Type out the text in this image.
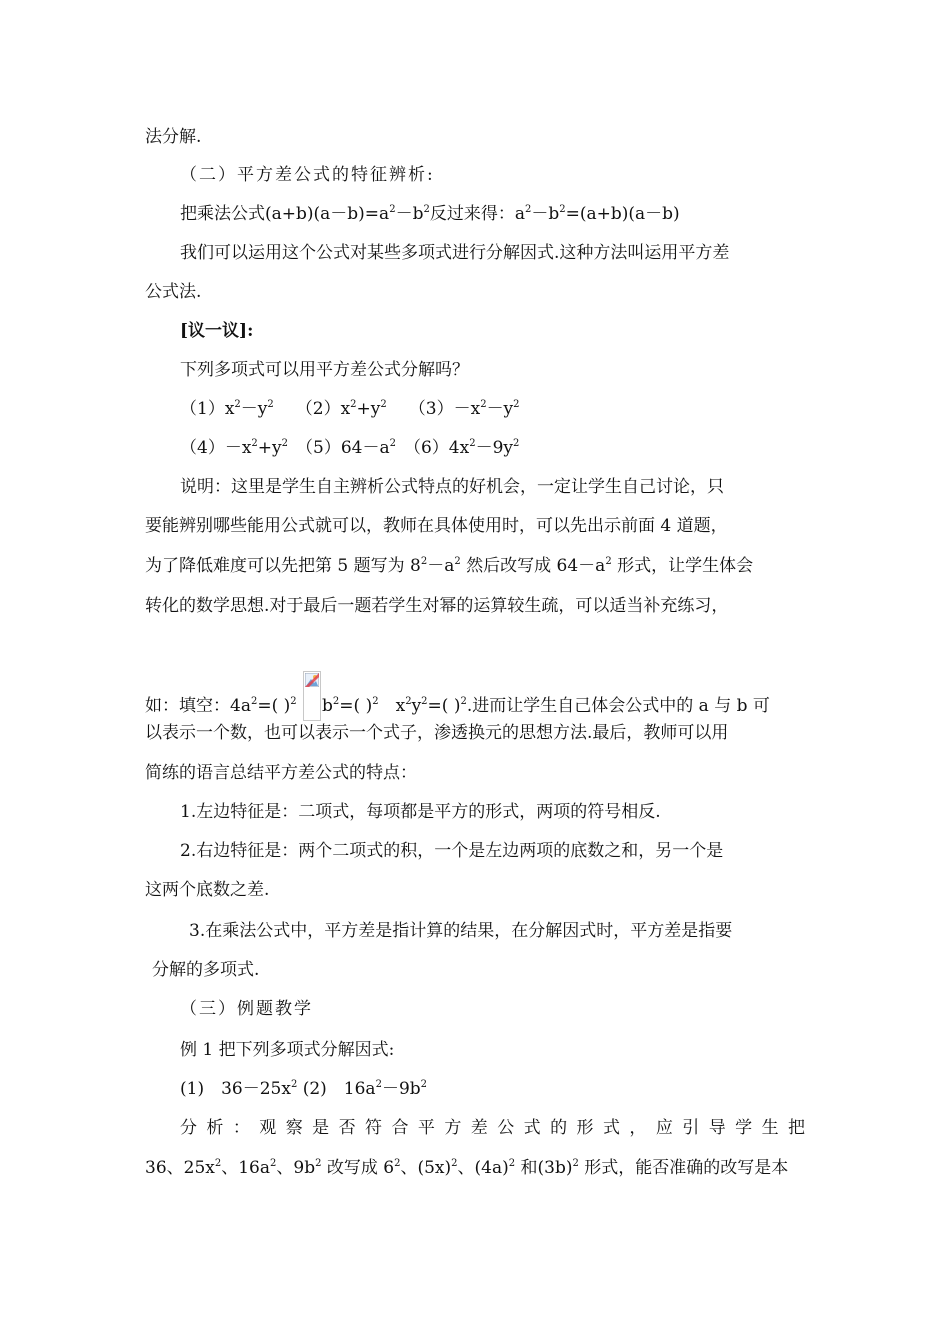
法分解.
（二）平方差公式的特征辨析:
把乘法公式$(a+b)(a-b)=a^2-b^2$反过来得：$a^2-b^2=(a+b)(a-b)$
我们可以运用这个公式对某些多项式进行分解因式.这种方法叫运用平方差
公式法.
[议一议]:
下列多项式可以用平方差公式分解吗？
$(1)x^2-y^2$ $(2)x^2+y^2$ $(3)-x^2-y^2$
$(4)-x^2+y^2$ $(5)64-a^2$ $(6)4x^2-9y^2$
说明：这里是学生自主辨析公式特点的好机会，一定让学生自己讨论，只
要能辨别哪些能用公式就可以，教师在具体使用时，可以先出示前面 4 道题，
为了降低难度可以先把第 5 题写为 $8^2-a^2$ 然后改写成 $64-a^2$ 形式，让学生体会
转化的数学思想.对于最后一题若学生对幂的运算较生疏，可以适当补充练习，
如：填空：$4a^2=$( )$^2$ $b^2=$( )$^2$　$x^2y^2=$( )$^2$.进而让学生自己体会公式中的 a 与 b 可
以表示一个数，也可以表示一个式子，渗透换元的思想方法.最后，教师可以用
简练的语言总结平方差公式的特点：
1.左边特征是：二项式，每项都是平方的形式，两项的符号相反.
2.右边特征是：两个二项式的积，一个是左边两项的底数之和，另一个是
这两个底数之差.
3.在乘法公式中，平方差是指计算的结果，在分解因式时，平方差是指要
分解的多项式.
（三）例题教学
例 1 把下列多项式分解因式:
(1)　$36-25x^2$ (2)　$16a^2-9b^2$
分析：观察是否符合平方差公式的形式，应引导学生把
36、$25x^2$、$16a^2$、$9b^2$ 改写成 $6^2$、$(5x)^2$、$(4a)^2$ 和$(3b)^2$ 形式，能否准确的改写是本
